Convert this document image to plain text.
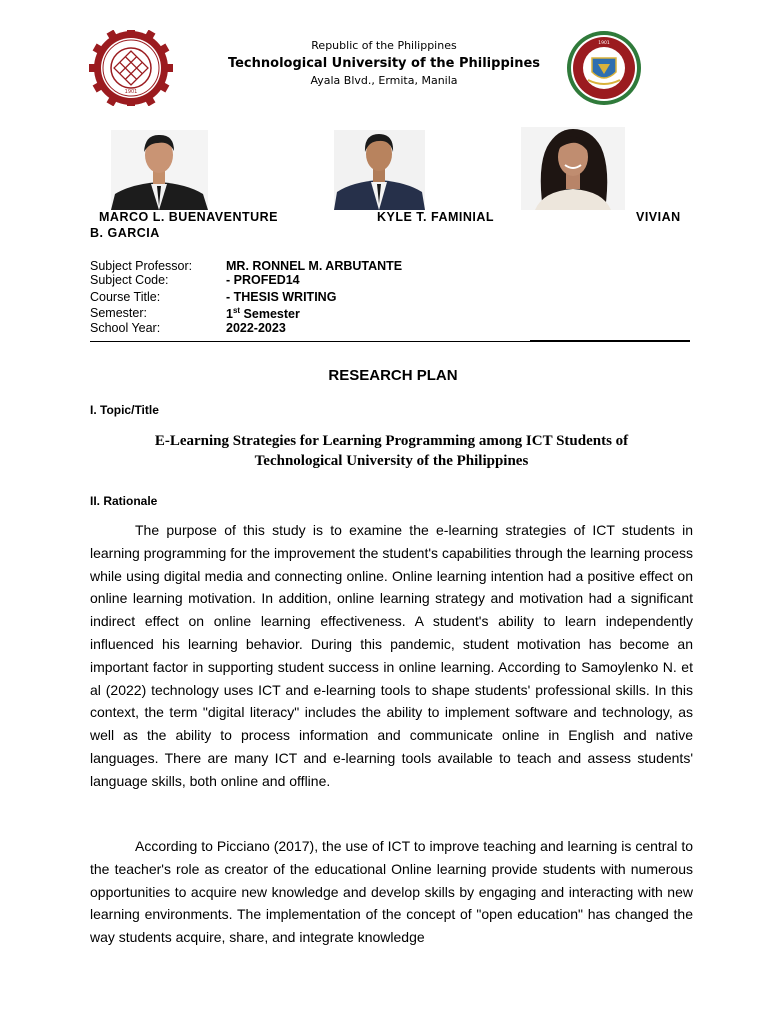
1901
1901
Republic of the Philippines
Technological University of the Philippines
Ayala Blvd., Ermita, Manila
MARCO L. BUENAVENTURE	KYLE T. FAMINIAL	VIVIAN
B. GARCIA
Subject Professor:	MR. RONNEL M. ARBUTANTE
Subject Code:	- PROFED14
Course Title:	- THESIS WRITING
Semester:	1st Semester
School Year:	2022-2023
RESEARCH PLAN
I. Topic/Title
E-Learning Strategies for Learning Programming among ICT Students of
Technological University of the Philippines
II. Rationale

The purpose of this study is to examine the e-learning strategies of ICT students in learning programming for the improvement the student's capabilities through the learning process while using digital media and connecting online. Online learning intention had a positive effect on online learning motivation. In addition, online learning strategy and motivation had a significant indirect effect on online learning effectiveness. A student's ability to learn independently influenced his learning behavior. During this pandemic, student motivation has become an important factor in supporting student success in online learning. According to Samoylenko N. et al (2022) technology uses ICT and e-learning tools to shape students' professional skills. In this context, the term "digital literacy" includes the ability to implement software and technology, as well as the ability to process information and communicate online in English and native languages. There are many ICT and e-learning tools available to teach and assess students' language skills, both online and offline.

According to Picciano (2017), the use of ICT to improve teaching and learning is central to the teacher's role as creator of the educational Online learning provide students with numerous opportunities to acquire new knowledge and develop skills by engaging and interacting with new learning environments. The implementation of the concept of "open education" has changed the way students acquire, share, and integrate knowledge
